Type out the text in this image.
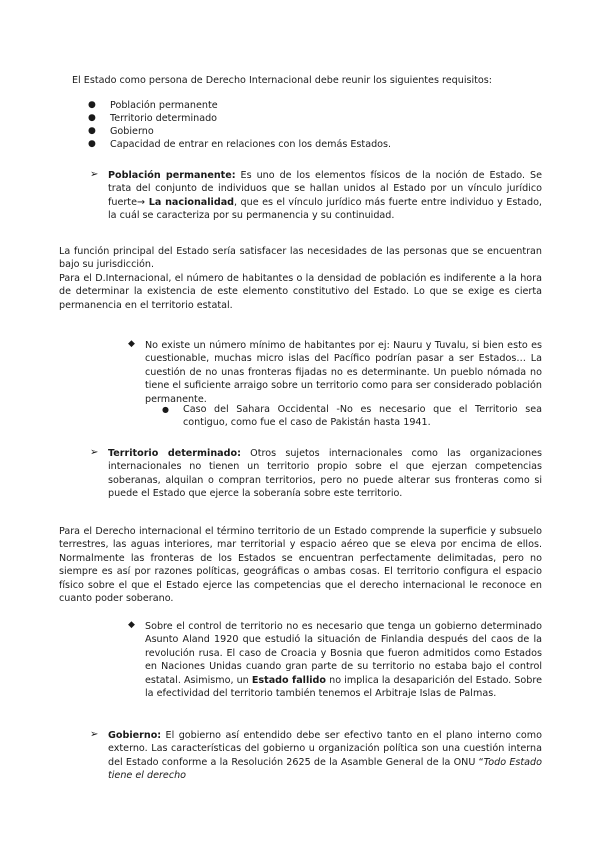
El Estado como persona de Derecho Internacional debe reunir los siguientes requisitos:
● Población permanente
● Territorio determinado
● Gobierno
● Capacidad de entrar en relaciones con los demás Estados.
➢ Población permanente: Es uno de los elementos físicos de la noción de Estado. Se trata del conjunto de individuos que se hallan unidos al Estado por un vínculo jurídico fuerte→ La nacionalidad, que es el vínculo jurídico más fuerte entre individuo y Estado, la cuál se caracteriza por su permanencia y su continuidad.
La función principal del Estado sería satisfacer las necesidades de las personas que se encuentran bajo su jurisdicción.
Para el D.Internacional, el número de habitantes o la densidad de población es indiferente a la hora de determinar la existencia de este elemento constitutivo del Estado. Lo que se exige es cierta permanencia en el territorio estatal.
◆ No existe un número mínimo de habitantes por ej: Nauru y Tuvalu, si bien esto es cuestionable, muchas micro islas del Pacífico podrían pasar a ser Estados… La cuestión de no unas fronteras fijadas no es determinante. Un pueblo nómada no tiene el suficiente arraigo sobre un territorio como para ser considerado población permanente.
● Caso del Sahara Occidental -No es necesario que el Territorio sea contiguo, como fue el caso de Pakistán hasta 1941.
➢ Territorio determinado: Otros sujetos internacionales como las organizaciones internacionales no tienen un territorio propio sobre el que ejerzan competencias soberanas, alquilan o compran territorios, pero no puede alterar sus fronteras como si puede el Estado que ejerce la soberanía sobre este territorio.
Para el Derecho internacional el término territorio de un Estado comprende la superficie y subsuelo terrestres, las aguas interiores, mar territorial y espacio aéreo que se eleva por encima de ellos. Normalmente las fronteras de los Estados se encuentran perfectamente delimitadas, pero no siempre es así por razones políticas, geográficas o ambas cosas. El territorio configura el espacio físico sobre el que el Estado ejerce las competencias que el derecho internacional le reconoce en cuanto poder soberano.
◆ Sobre el control de territorio no es necesario que tenga un gobierno determinado Asunto Aland 1920 que estudió la situación de Finlandia después del caos de la revolución rusa. El caso de Croacia y Bosnia que fueron admitidos como Estados en Naciones Unidas cuando gran parte de su territorio no estaba bajo el control estatal. Asimismo, un Estado fallido no implica la desaparición del Estado. Sobre la efectividad del territorio también tenemos el Arbitraje Islas de Palmas.
➢ Gobierno: El gobierno así entendido debe ser efectivo tanto en el plano interno como externo. Las características del gobierno u organización política son una cuestión interna del Estado conforme a la Resolución 2625 de la Asamble General de la ONU “Todo Estado tiene el derecho
